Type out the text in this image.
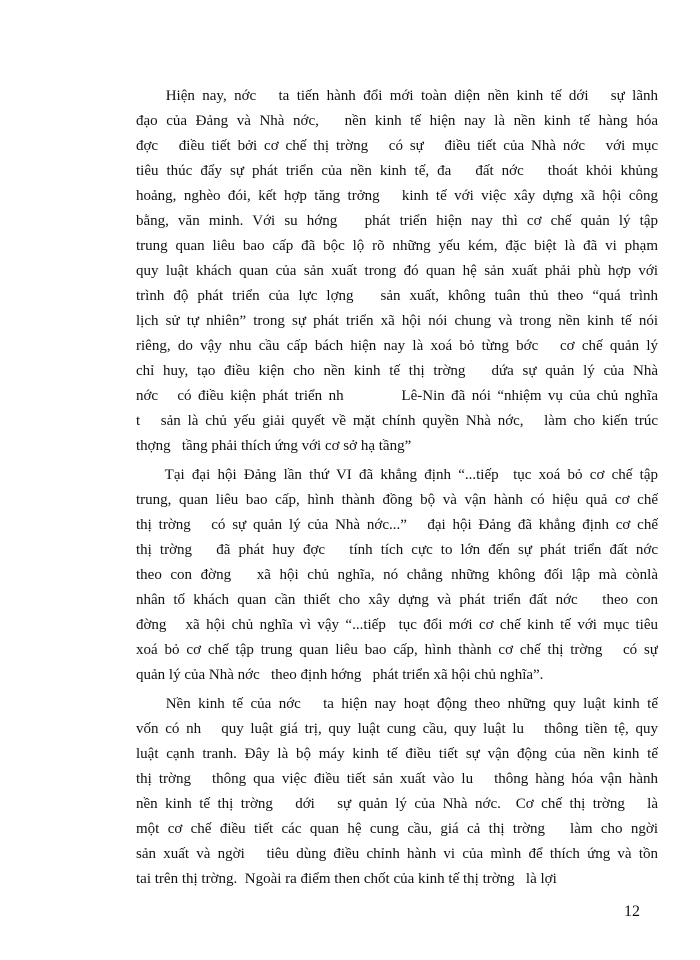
Hiện nay, nớc   ta tiến hành đổi mới toàn diện nền kinh tế dới   sự lãnh
đạo của Đảng và Nhà nớc,   nền kinh tế hiện nay là nền kinh tế hàng hóa
đợc   điều tiết bởi cơ chế thị trờng   có sự   điều tiết của Nhà nớc   với mục
tiêu thúc đẩy sự phát triển của nền kinh tế, đa   đất nớc   thoát khỏi khủng
hoảng, nghèo đói, kết hợp tăng trởng   kinh tế với việc xây dựng xã hội công
bằng, văn minh. Với su hớng   phát triển hiện nay thì cơ chế quản lý tập
trung quan liêu bao cấp đã bộc lộ rõ những yếu kém, đặc biệt là đã vi phạm
quy luật khách quan của sản xuất trong đó quan hệ sản xuất phải phù hợp với
trình độ phát triển của lực lợng   sản xuất, không tuân thủ theo “quá trình
lịch sử tự nhiên” trong sự phát triển xã hội nói chung và trong nền kinh tế nói
riêng, do vậy nhu cầu cấp bách hiện nay là xoá bỏ từng bớc   cơ chế quản lý
chỉ huy, tạo điều kiện cho nền kinh tế thị trờng   dứa sự quản lý của Nhà
nớc   có điều kiện phát triển nh         Lê-Nin đã nói “nhiệm vụ của chủ nghĩa
t   sản là chủ yếu giải quyết về mặt chính quyền Nhà nớc,   làm cho kiến trúc
thợng   tầng phải thích ứng với cơ sở hạ tầng”

Tại đại hội Đảng lần thứ VI đã khẳng định “...tiếp  tục xoá bỏ cơ chế tập
trung, quan liêu bao cấp, hình thành đồng bộ và vận hành có hiệu quả cơ chế
thị trờng   có sự quản lý của Nhà nớc...”   đại hội Đảng đã khẳng định cơ chế
thị trờng   đã phát huy đợc   tính tích cực to lớn đến sự phát triển đất nớc
theo con đờng   xã hội chủ nghĩa, nó chẳng những không đối lập mà cònlà
nhân tố khách quan cần thiết cho xây dựng và phát triển đất nớc   theo con
đờng   xã hội chủ nghĩa vì vậy “...tiếp  tục đổi mới cơ chế kinh tế với mục tiêu
xoá bỏ cơ chế tập trung quan liêu bao cấp, hình thành cơ chế thị trờng   có sự
quản lý của Nhà nớc   theo định hớng   phát triển xã hội chủ nghĩa”.

Nền kinh tế của nớc   ta hiện nay hoạt động theo những quy luật kinh tế
vốn có nh   quy luật giá trị, quy luật cung cầu, quy luật lu   thông tiền tệ, quy
luật cạnh tranh. Đây là bộ máy kinh tế điều tiết sự vận động của nền kinh tế
thị trờng   thông qua việc điều tiết sản xuất vào lu   thông hàng hóa vận hành
nền kinh tế thị trờng   dới   sự quản lý của Nhà nớc.  Cơ chế thị trờng   là
một cơ chế điều tiết các quan hệ cung cầu, giá cả thị trờng   làm cho ngời
sản xuất và ngời   tiêu dùng điều chỉnh hành vi của mình để thích ứng và tồn
tai trên thị trờng.  Ngoài ra điểm then chốt của kinh tế thị trờng   là lợi

12
